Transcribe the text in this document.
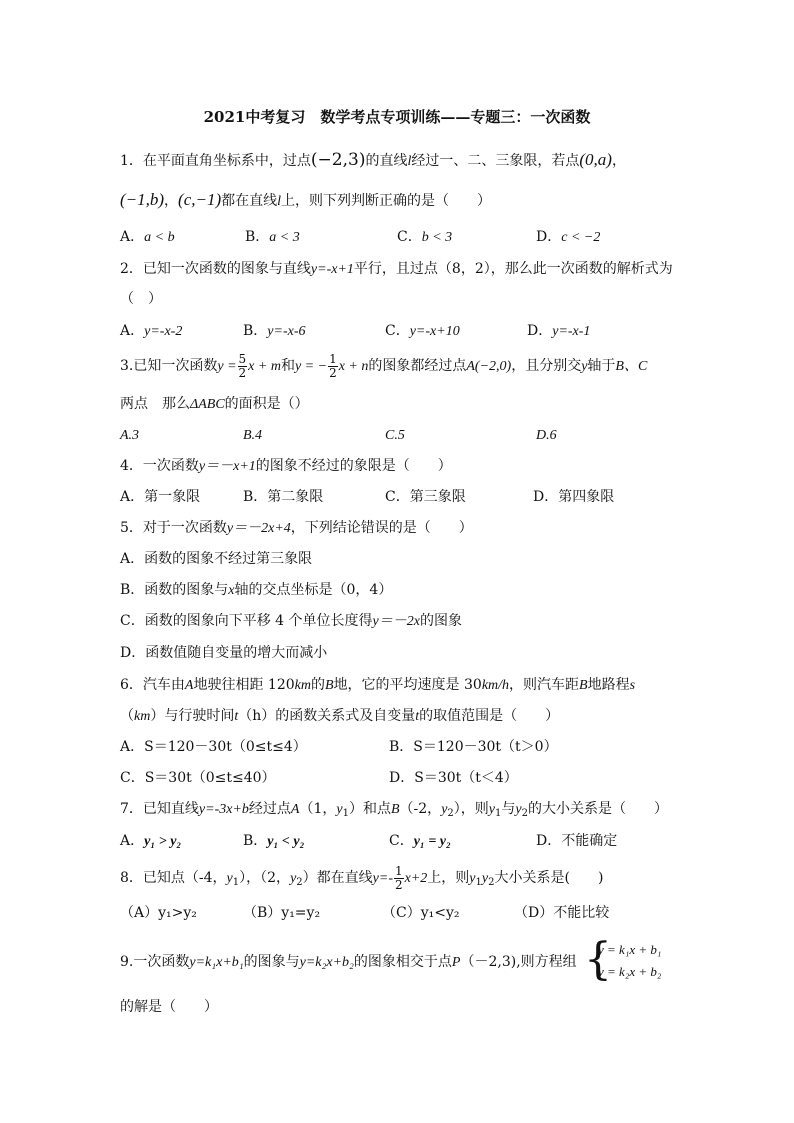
2021中考复习　数学考点专项训练——专题三：一次函数
1．在平面直角坐标系中，过点(−2,3)的直线l经过一、二、三象限，若点(0,a)，
(−1,b)，(c,−1)都在直线l上，则下列判断正确的是（　　）
A．a < b	B．a < 3	C．b < 3	D．c < −2
2．已知一次函数的图象与直线y=-x+1平行，且过点（8，2），那么此一次函数的解析式为
（　）
A．y=-x-2	B．y=-x-6	C．y=-x+10	D．y=-x-1
3.已知一次函数$y = \frac{5}{2}$ x + m和y = − $\frac{1}{2}$ x + n的图象都经过点A(−2,0)，且分别交y轴于B、C
两点　那么ΔABC的面积是（）
A.3	B.4	C.5	D.6
4．一次函数y＝－x+1的图象不经过的象限是（　　）
A．第一象限	B．第二象限	C．第三象限	D．第四象限
5．对于一次函数y＝－2x+4，下列结论错误的是（　　）
A．函数的图象不经过第三象限
B．函数的图象与x轴的交点坐标是（0，4）
C．函数的图象向下平移 4 个单位长度得y＝－2x的图象
D．函数值随自变量的增大而减小
6．汽车由A地驶往相距 120km的B地，它的平均速度是 30km/h，则汽车距B地路程s
（km）与行驶时间t（h）的函数关系式及自变量t的取值范围是（　　）
A．S＝120－30t（0≤t≤4）	B．S＝120－30t（t＞0）
C．S＝30t（0≤t≤40）	D．S＝30t（t＜4）
7．已知直线y=-3x+b经过点A（1，$y_1$）和点B（-2，$y_2$），则$y_1$与$y_2$的大小关系是（　　）
A．y₁ > y₂	B．y₁ < y₂	C．y₁ = y₂	D．不能确定
8．已知点（-4，$y_1$），（2，$y_2$）都在直线$y=- \frac{1}{2} x+2$上，则$y_1y_2$大小关系是(　　)
（A）y₁>y₂	（B）y₁=y₂	（C）y₁<y₂	（D）不能比较
9.一次函数y=k₁x+b₁的图象与y=k₂x+b₂的图象相交于点P（－2,3),则方程组 {
y = k₁x + b₁
y = k₂x + b₂
的解是（　　）
